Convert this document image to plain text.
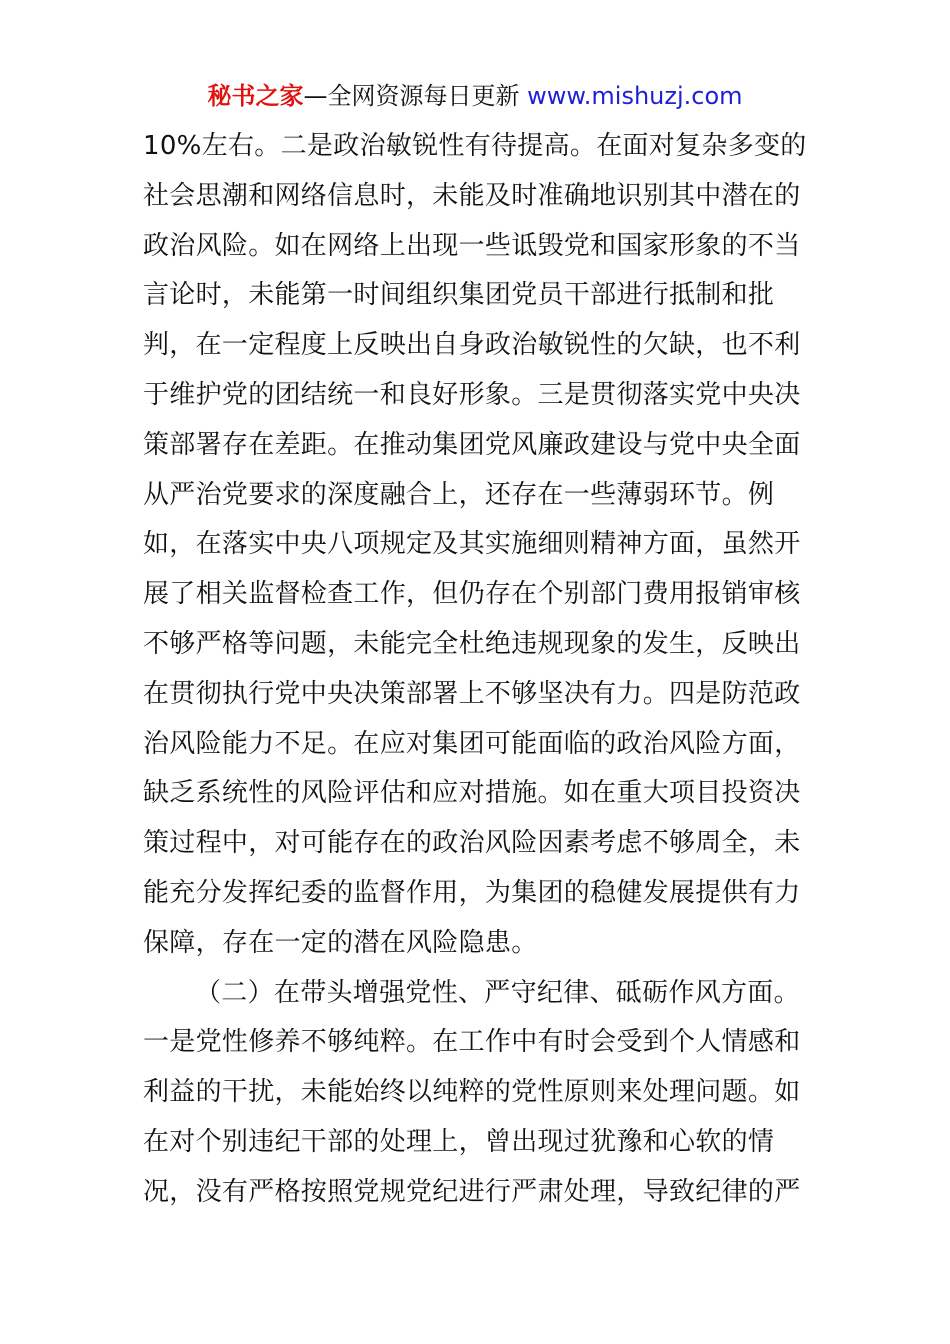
秘书之家—全网资源每日更新 www.mishuzj.com
10%左右。二是政治敏锐性有待提高。在面对复杂多变的
社会思潮和网络信息时，未能及时准确地识别其中潜在的
政治风险。如在网络上出现一些诋毁党和国家形象的不当
言论时，未能第一时间组织集团党员干部进行抵制和批
判，在一定程度上反映出自身政治敏锐性的欠缺，也不利
于维护党的团结统一和良好形象。三是贯彻落实党中央决
策部署存在差距。在推动集团党风廉政建设与党中央全面
从严治党要求的深度融合上，还存在一些薄弱环节。例
如，在落实中央八项规定及其实施细则精神方面，虽然开
展了相关监督检查工作，但仍存在个别部门费用报销审核
不够严格等问题，未能完全杜绝违规现象的发生，反映出
在贯彻执行党中央决策部署上不够坚决有力。四是防范政
治风险能力不足。在应对集团可能面临的政治风险方面，
缺乏系统性的风险评估和应对措施。如在重大项目投资决
策过程中，对可能存在的政治风险因素考虑不够周全，未
能充分发挥纪委的监督作用，为集团的稳健发展提供有力
保障，存在一定的潜在风险隐患。
（二）在带头增强党性、严守纪律、砥砺作风方面。
一是党性修养不够纯粹。在工作中有时会受到个人情感和
利益的干扰，未能始终以纯粹的党性原则来处理问题。如
在对个别违纪干部的处理上，曾出现过犹豫和心软的情
况，没有严格按照党规党纪进行严肃处理，导致纪律的严
